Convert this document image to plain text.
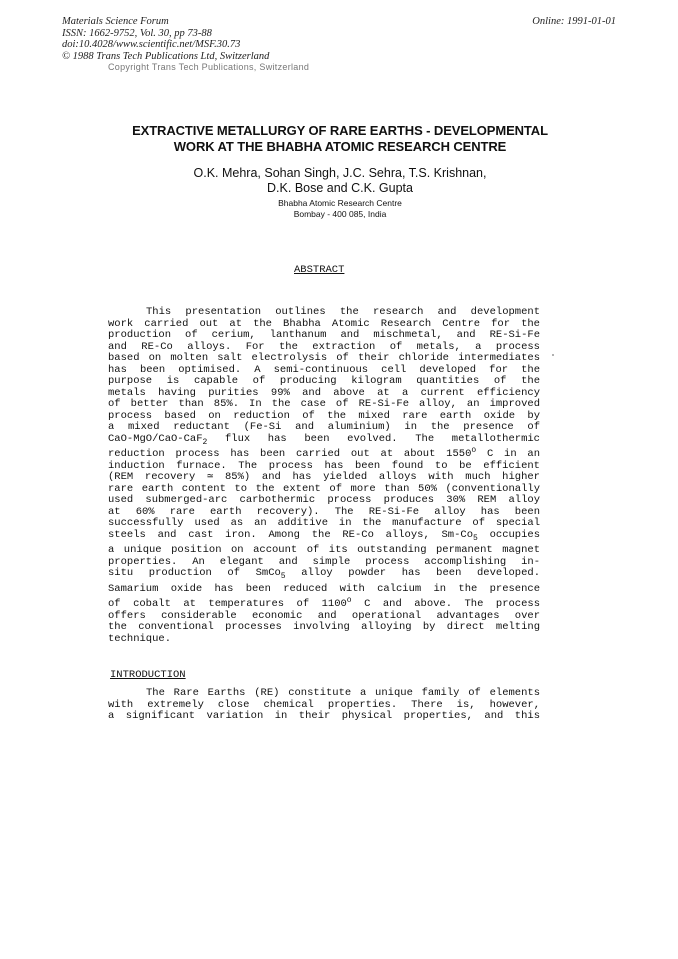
Materials Science Forum
ISSN: 1662-9752, Vol. 30, pp 73-88
doi:10.4028/www.scientific.net/MSF.30.73
© 1988 Trans Tech Publications Ltd, Switzerland
Online: 1991-01-01
Copyright Trans Tech Publications, Switzerland
EXTRACTIVE METALLURGY OF RARE EARTHS - DEVELOPMENTAL
WORK AT THE BHABHA ATOMIC RESEARCH CENTRE
O.K. Mehra, Sohan Singh, J.C. Sehra, T.S. Krishnan,
D.K. Bose and C.K. Gupta
Bhabha Atomic Research Centre
Bombay - 400 085, India
ABSTRACT
This presentation outlines the research and development
work carried out at the Bhabha Atomic Research Centre for the
production of cerium, lanthanum and mischmetal, and RE-Si-Fe
and RE-Co alloys. For the extraction of metals, a process
based on molten salt electrolysis of their chloride intermediates
has been optimised. A semi-continuous cell developed for the
purpose is capable of producing kilogram quantities of the
metals having purities 99% and above at a current efficiency
of better than 85%. In the case of RE-Si-Fe alloy, an improved
process based on reduction of the mixed rare earth oxide by
a mixed reductant (Fe-Si and aluminium) in the presence of
CaO-MgO/CaO-CaF$_2$ flux has been evolved. The metallothermic
reduction process has been carried out at about 1550$^o$ C in an
induction furnace. The process has been found to be efficient
(REM recovery ≃ 85%) and has yielded alloys with much higher
rare earth content to the extent of more than 50% (conventionally
used submerged-arc carbothermic process produces 30% REM alloy
at 60% rare earth recovery). The RE-Si-Fe alloy has been
successfully used as an additive in the manufacture of special
steels and cast iron. Among the RE-Co alloys, $Sm-Co_5$ occupies
a unique position on account of its outstanding permanent magnet
properties. An elegant and simple process accomplishing in-
situ production of SmCo$_5$ alloy powder has been developed.
Samarium oxide has been reduced with calcium in the presence
of cobalt at temperatures of 1100$^o$ C and above. The process
offers considerable economic and operational advantages over
the conventional processes involving alloying by direct melting
technique.
INTRODUCTION
The Rare Earths (RE) constitute a unique family of elements
with extremely close chemical properties. There is, however,
a significant variation in their physical properties, and this
